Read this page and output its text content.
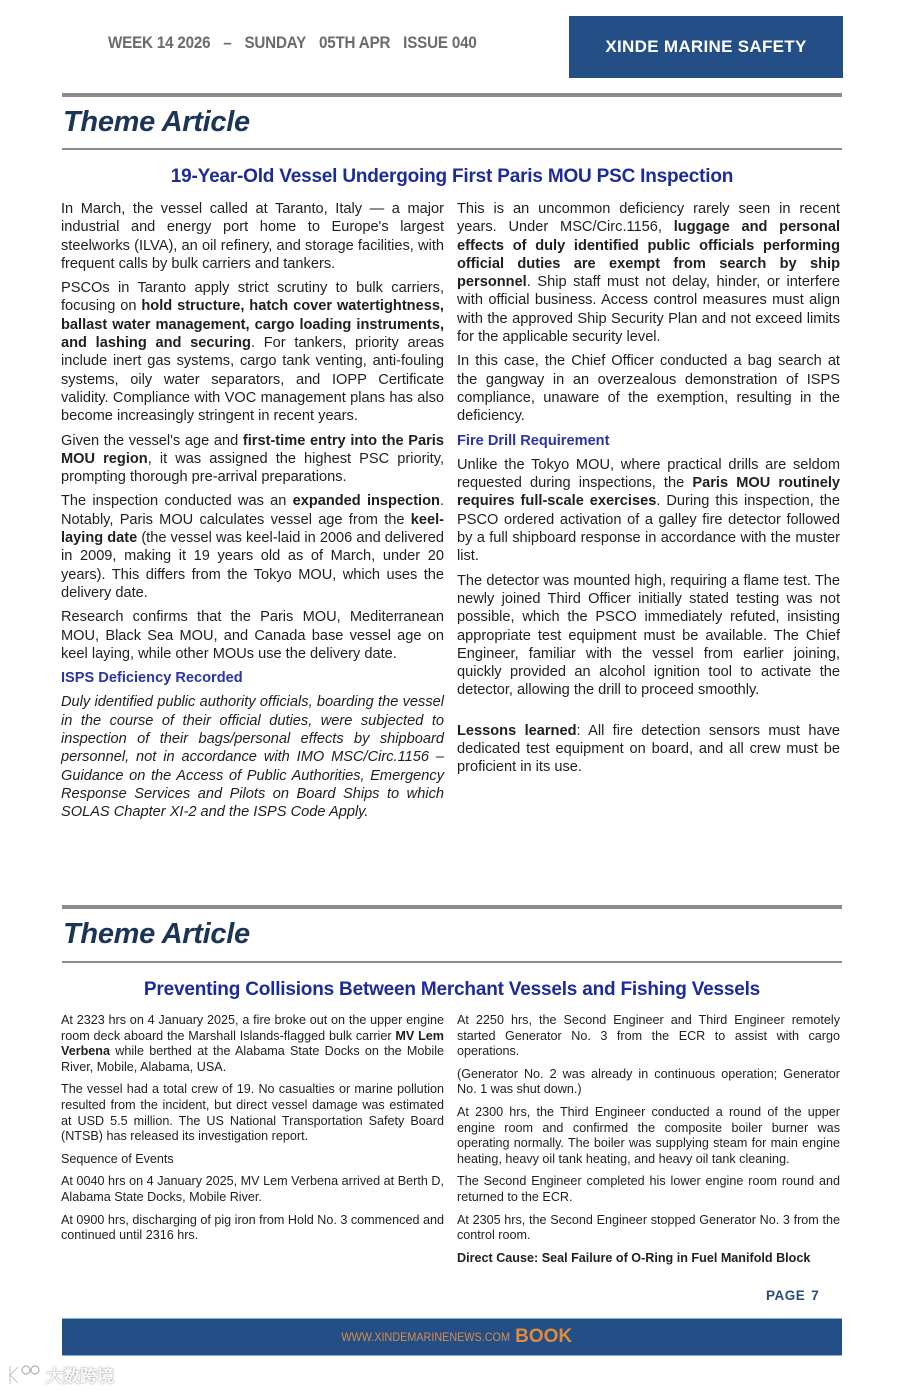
WEEK 14 2026 – SUNDAY 05TH APR ISSUE 040	XINDE MARINE SAFETY
Theme Article
19-Year-Old Vessel Undergoing First Paris MOU PSC Inspection

In March, the vessel called at Taranto, Italy — a major industrial and energy port home to Europe's largest steelworks (ILVA), an oil refinery, and storage facilities, with frequent calls by bulk carriers and tankers.

PSCOs in Taranto apply strict scrutiny to bulk carriers, focusing on hold structure, hatch cover watertightness, ballast water management, cargo loading instruments, and lashing and securing. For tankers, priority areas include inert gas systems, cargo tank venting, anti-fouling systems, oily water separators, and IOPP Certificate validity. Compliance with VOC management plans has also become increasingly stringent in recent years.

Given the vessel's age and first-time entry into the Paris MOU region, it was assigned the highest PSC priority, prompting thorough pre-arrival preparations.

The inspection conducted was an expanded inspection. Notably, Paris MOU calculates vessel age from the keel-laying date (the vessel was keel-laid in 2006 and delivered in 2009, making it 19 years old as of March, under 20 years). This differs from the Tokyo MOU, which uses the delivery date.

Research confirms that the Paris MOU, Mediterranean MOU, Black Sea MOU, and Canada base vessel age on keel laying, while other MOUs use the delivery date.

ISPS Deficiency Recorded

Duly identified public authority officials, boarding the vessel in the course of their official duties, were subjected to inspection of their bags/personal effects by shipboard personnel, not in accordance with IMO MSC/Circ.1156 – Guidance on the Access of Public Authorities, Emergency Response Services and Pilots on Board Ships to which SOLAS Chapter XI-2 and the ISPS Code Apply.

This is an uncommon deficiency rarely seen in recent years. Under MSC/Circ.1156, luggage and personal effects of duly identified public officials performing official duties are exempt from search by ship personnel. Ship staff must not delay, hinder, or interfere with official business. Access control measures must align with the approved Ship Security Plan and not exceed limits for the applicable security level.

In this case, the Chief Officer conducted a bag search at the gangway in an overzealous demonstration of ISPS compliance, unaware of the exemption, resulting in the deficiency.

Fire Drill Requirement

Unlike the Tokyo MOU, where practical drills are seldom requested during inspections, the Paris MOU routinely requires full-scale exercises. During this inspection, the PSCO ordered activation of a galley fire detector followed by a full shipboard response in accordance with the muster list.

The detector was mounted high, requiring a flame test. The newly joined Third Officer initially stated testing was not possible, which the PSCO immediately refuted, insisting appropriate test equipment must be available. The Chief Engineer, familiar with the vessel from earlier joining, quickly provided an alcohol ignition tool to activate the detector, allowing the drill to proceed smoothly.

Lessons learned: All fire detection sensors must have dedicated test equipment on board, and all crew must be proficient in its use.

Theme Article
Preventing Collisions Between Merchant Vessels and Fishing Vessels

At 2323 hrs on 4 January 2025, a fire broke out on the upper engine room deck aboard the Marshall Islands-flagged bulk carrier MV Lem Verbena while berthed at the Alabama State Docks on the Mobile River, Mobile, Alabama, USA.

The vessel had a total crew of 19. No casualties or marine pollution resulted from the incident, but direct vessel damage was estimated at USD 5.5 million. The US National Transportation Safety Board (NTSB) has released its investigation report.

Sequence of Events

At 0040 hrs on 4 January 2025, MV Lem Verbena arrived at Berth D, Alabama State Docks, Mobile River.

At 0900 hrs, discharging of pig iron from Hold No. 3 commenced and continued until 2316 hrs.

At 2250 hrs, the Second Engineer and Third Engineer remotely started Generator No. 3 from the ECR to assist with cargo operations.

(Generator No. 2 was already in continuous operation; Generator No. 1 was shut down.)

At 2300 hrs, the Third Engineer conducted a round of the upper engine room and confirmed the composite boiler burner was operating normally. The boiler was supplying steam for main engine heating, heavy oil tank heating, and heavy oil tank cleaning.

The Second Engineer completed his lower engine room round and returned to the ECR.

At 2305 hrs, the Second Engineer stopped Generator No. 3 from the control room.

Direct Cause: Seal Failure of O-Ring in Fuel Manifold Block

PAGE 7
WWW.XINDEMARINENEWS.COM BOOK
大数跨境
